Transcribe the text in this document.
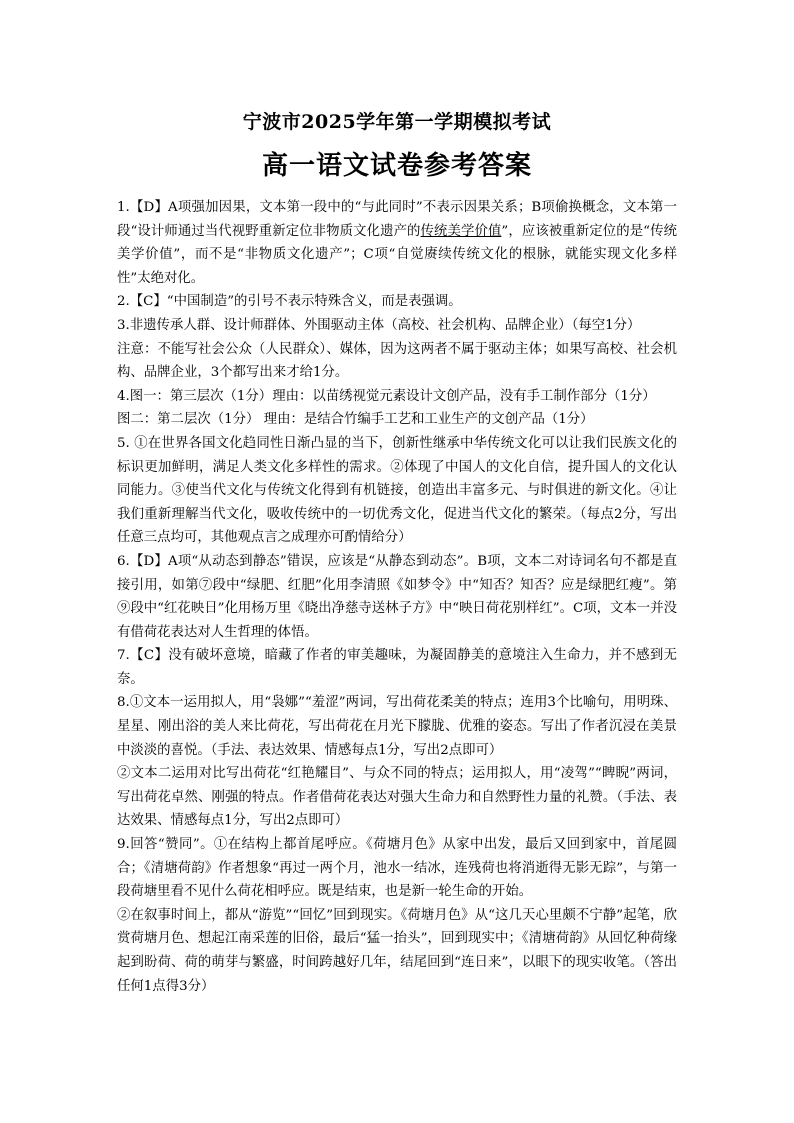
宁波市2025学年第一学期模拟考试
高一语文试卷参考答案

1.【D】A项强加因果，文本第一段中的“与此同时”不表示因果关系；B项偷换概念，文本第一段“设计师通过当代视野重新定位非物质文化遗产的传统美学价值”，应该被重新定位的是“传统美学价值”，而不是“非物质文化遗产”；C项“自觉赓续传统文化的根脉，就能实现文化多样性”太绝对化。

2.【C】“中国制造”的引号不表示特殊含义，而是表强调。

3.非遗传承人群、设计师群体、外围驱动主体（高校、社会机构、品牌企业）（每空1分）

注意：不能写社会公众（人民群众）、媒体，因为这两者不属于驱动主体；如果写高校、社会机构、品牌企业，3个都写出来才给1分。

4.图一：第三层次（1分）理由：以苗绣视觉元素设计文创产品，没有手工制作部分（1分）

图二：第二层次（1分） 理由：是结合竹编手工艺和工业生产的文创产品（1分）

5. ①在世界各国文化趋同性日渐凸显的当下，创新性继承中华传统文化可以让我们民族文化的标识更加鲜明，满足人类文化多样性的需求。②体现了中国人的文化自信，提升国人的文化认同能力。③使当代文化与传统文化得到有机链接，创造出丰富多元、与时俱进的新文化。④让我们重新理解当代文化，吸收传统中的一切优秀文化，促进当代文化的繁荣。（每点2分，写出任意三点均可，其他观点言之成理亦可酌情给分）

6.【D】A项“从动态到静态”错误，应该是“从静态到动态”。B项，文本二对诗词名句不都是直接引用，如第⑦段中“绿肥、红肥”化用李清照《如梦令》中“知否？知否？应是绿肥红瘦”。第⑨段中“红花映日”化用杨万里《晓出净慈寺送林子方》中“映日荷花别样红”。C项，文本一并没有借荷花表达对人生哲理的体悟。

7.【C】没有破坏意境，暗藏了作者的审美趣味，为凝固静美的意境注入生命力，并不感到无奈。

8.①文本一运用拟人，用“袅娜”“羞涩”两词，写出荷花柔美的特点；连用3个比喻句，用明珠、星星、刚出浴的美人来比荷花，写出荷花在月光下朦胧、优雅的姿态。写出了作者沉浸在美景中淡淡的喜悦。（手法、表达效果、情感每点1分，写出2点即可）

②文本二运用对比写出荷花“红艳耀目”、与众不同的特点；运用拟人，用“凌驾”“睥睨”两词，写出荷花卓然、刚强的特点。作者借荷花表达对强大生命力和自然野性力量的礼赞。（手法、表达效果、情感每点1分，写出2点即可）

9.回答“赞同”。①在结构上都首尾呼应。《荷塘月色》从家中出发，最后又回到家中，首尾圆合；《清塘荷韵》作者想象“再过一两个月，池水一结冰，连残荷也将消逝得无影无踪”，与第一段荷塘里看不见什么荷花相呼应。既是结束，也是新一轮生命的开始。

②在叙事时间上，都从“游览”“回忆”回到现实。《荷塘月色》从“这几天心里颇不宁静”起笔，欣赏荷塘月色、想起江南采莲的旧俗，最后“猛一抬头”，回到现实中；《清塘荷韵》从回忆种荷缘起到盼荷、荷的萌芽与繁盛，时间跨越好几年，结尾回到“连日来”，以眼下的现实收笔。（答出任何1点得3分）
